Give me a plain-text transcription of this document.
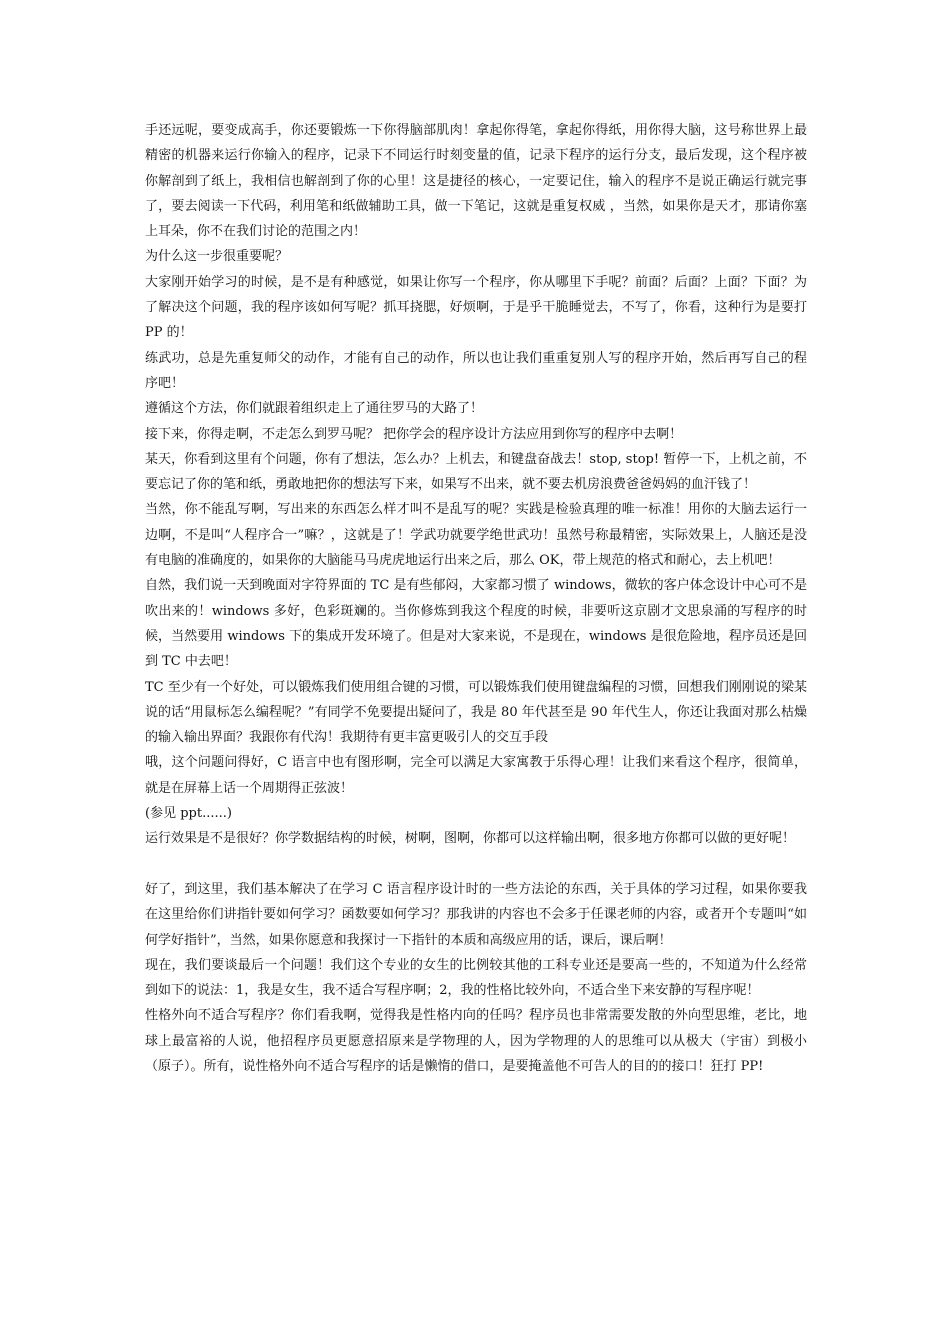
手还远呢，要变成高手，你还要锻炼一下你得脑部肌肉！拿起你得笔，拿起你得纸，用你得大脑，这号称世界上最精密的机器来运行你输入的程序，记录下不同运行时刻变量的值，记录下程序的运行分支，最后发现，这个程序被你解剖到了纸上，我相信也解剖到了你的心里！这是捷径的核心，一定要记住，输入的程序不是说正确运行就完事了，要去阅读一下代码，利用笔和纸做辅助工具，做一下笔记，这就是重复权威 ，当然，如果你是天才，那请你塞上耳朵，你不在我们讨论的范围之内！

为什么这一步很重要呢？

大家刚开始学习的时候，是不是有种感觉，如果让你写一个程序，你从哪里下手呢？前面？后面？上面？下面？为了解决这个问题，我的程序该如何写呢？抓耳挠腮，好烦啊，于是乎干脆睡觉去，不写了，你看，这种行为是要打 PP 的！

练武功，总是先重复师父的动作，才能有自己的动作，所以也让我们重重复别人写的程序开始，然后再写自己的程序吧！

遵循这个方法，你们就跟着组织走上了通往罗马的大路了！

接下来，你得走啊，不走怎么到罗马呢？ 把你学会的程序设计方法应用到你写的程序中去啊！

某天，你看到这里有个问题，你有了想法，怎么办？上机去，和键盘奋战去！stop, stop! 暂停一下，上机之前，不要忘记了你的笔和纸，勇敢地把你的想法写下来，如果写不出来，就不要去机房浪费爸爸妈妈的血汗钱了！

当然，你不能乱写啊，写出来的东西怎么样才叫不是乱写的呢？实践是检验真理的唯一标准！用你的大脑去运行一边啊，不是叫“人程序合一”嘛？，这就是了！学武功就要学绝世武功！虽然号称最精密，实际效果上，人脑还是没有电脑的准确度的，如果你的大脑能马马虎虎地运行出来之后，那么 OK，带上规范的格式和耐心，去上机吧！

自然，我们说一天到晚面对字符界面的 TC 是有些郁闷，大家都习惯了 windows，微软的客户体念设计中心可不是吹出来的！windows 多好，色彩斑斓的。当你修炼到我这个程度的时候，非要听这京剧才文思泉涌的写程序的时候，当然要用 windows 下的集成开发环境了。但是对大家来说，不是现在，windows 是很危险地，程序员还是回到 TC 中去吧！

TC 至少有一个好处，可以锻炼我们使用组合键的习惯，可以锻炼我们使用键盘编程的习惯，回想我们刚刚说的梁某说的话“用鼠标怎么编程呢？”有同学不免要提出疑问了，我是 80 年代甚至是 90 年代生人，你还让我面对那么枯燥的输入输出界面？我跟你有代沟！我期待有更丰富更吸引人的交互手段

哦，这个问题问得好，C 语言中也有图形啊，完全可以满足大家寓教于乐得心理！让我们来看这个程序，很简单，就是在屏幕上话一个周期得正弦波！

(参见 ppt......)

运行效果是不是很好？你学数据结构的时候，树啊，图啊，你都可以这样输出啊，很多地方你都可以做的更好呢！

好了，到这里，我们基本解决了在学习 C 语言程序设计时的一些方法论的东西，关于具体的学习过程，如果你要我在这里给你们讲指针要如何学习？函数要如何学习？那我讲的内容也不会多于任课老师的内容，或者开个专题叫“如何学好指针”，当然，如果你愿意和我探讨一下指针的本质和高级应用的话，课后，课后啊！

现在，我们要谈最后一个问题！我们这个专业的女生的比例较其他的工科专业还是要高一些的，不知道为什么经常到如下的说法：1，我是女生，我不适合写程序啊；2，我的性格比较外向，不适合坐下来安静的写程序呢！

性格外向不适合写程序？你们看我啊，觉得我是性格内向的任吗？程序员也非常需要发散的外向型思维，老比，地球上最富裕的人说，他招程序员更愿意招原来是学物理的人，因为学物理的人的思维可以从极大（宇宙）到极小（原子）。所有，说性格外向不适合写程序的话是懒惰的借口，是要掩盖他不可告人的目的的接口！狂打 PP!
